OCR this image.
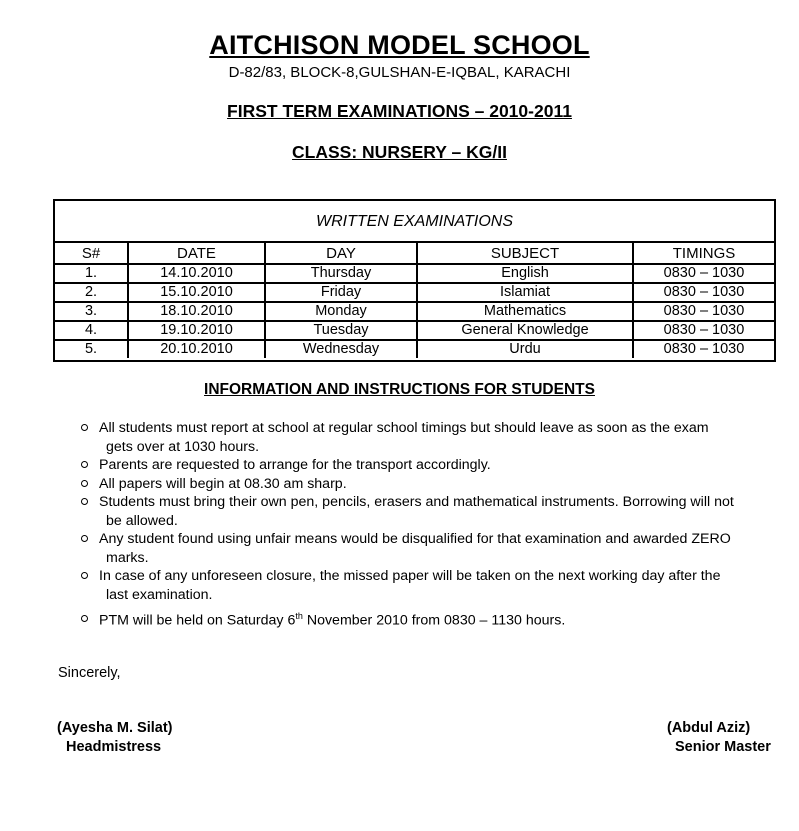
AITCHISON MODEL SCHOOL
D-82/83, BLOCK-8,GULSHAN-E-IQBAL, KARACHI
FIRST TERM EXAMINATIONS – 2010-2011
CLASS: NURSERY – KG/II
WRITTEN EXAMINATIONS
S#	DATE	DAY	SUBJECT	TIMINGS
1.	14.10.2010	Thursday	English	0830 – 1030
2.	15.10.2010	Friday	Islamiat	0830 – 1030
3.	18.10.2010	Monday	Mathematics	0830 – 1030
4.	19.10.2010	Tuesday	General Knowledge	0830 – 1030
5.	20.10.2010	Wednesday	Urdu	0830 – 1030
INFORMATION AND INSTRUCTIONS FOR STUDENTS
All students must report at school at regular school timings but should leave as soon as the exam
gets over at 1030 hours.
Parents are requested to arrange for the transport accordingly.
All papers will begin at 08.30 am sharp.
Students must bring their own pen, pencils, erasers and mathematical instruments. Borrowing will not
be allowed.
Any student found using unfair means would be disqualified for that examination and awarded ZERO
marks.
In case of any unforeseen closure, the missed paper will be taken on the next working day after the
last examination.
PTM will be held on Saturday 6th November 2010 from 0830 – 1130 hours.
Sincerely,
(Ayesha M. Silat)
Headmistress
(Abdul Aziz)
Senior Master
